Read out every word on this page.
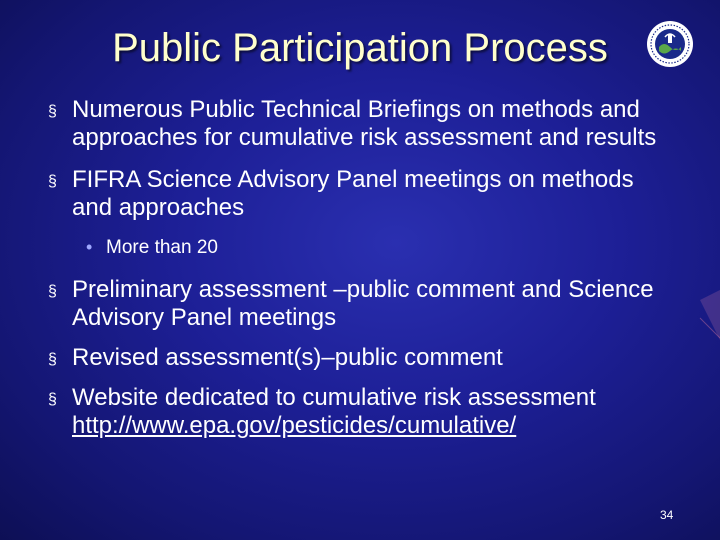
Public Participation Process
§ Numerous Public Technical Briefings on methods and approaches for cumulative risk assessment and results
§ FIFRA Science Advisory Panel meetings on methods and approaches
• More than 20
§ Preliminary assessment –public comment and Science Advisory Panel meetings
§ Revised assessment(s)–public comment
§ Website dedicated to cumulative risk assessment
http://www.epa.gov/pesticides/cumulative/
34
